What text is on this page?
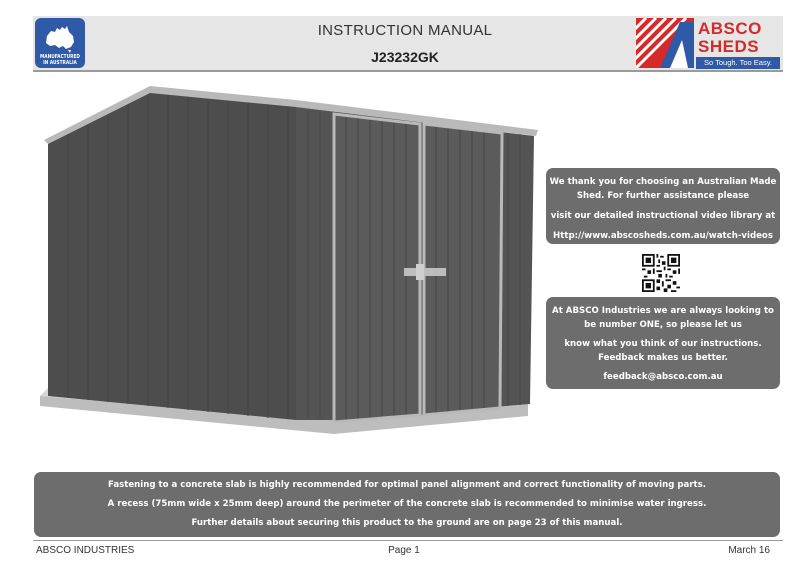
MANUFACTURED
IN AUSTRALIA
INSTRUCTION MANUAL
J23232GK
ABSCO
SHEDS
So Tough. Too Easy.

We thank you for choosing an Australian Made

Shed. For further assistance please

visit our detailed instructional video library at

Http://www.abscosheds.com.au/watch-videos

At ABSCO Industries we are always looking to

be number ONE, so please let us

know what you think of our instructions.

Feedback makes us better.

feedback@absco.com.au

Fastening to a concrete slab is highly recommended for optimal panel alignment and correct functionality of moving parts.

A recess (75mm wide x 25mm deep) around the perimeter of the concrete slab is recommended to minimise water ingress.

Further details about securing this product to the ground are on page 23 of this manual.

ABSCO INDUSTRIES	Page 1	March 16
